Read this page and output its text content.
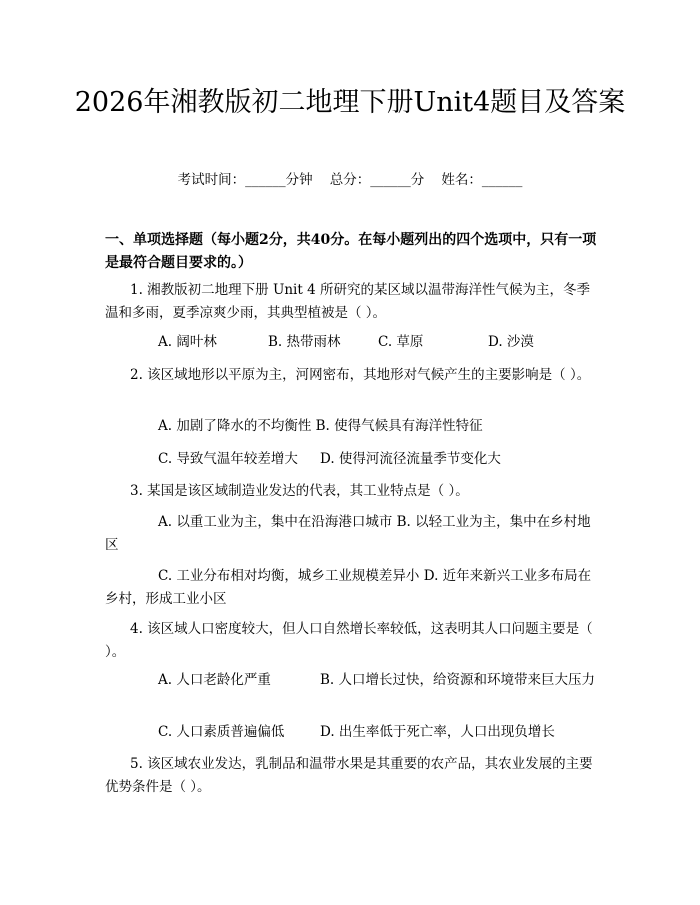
2026年湘教版初二地理下册Unit4题目及答案
考试时间：______分钟    总分：______分    姓名：______
一、单项选择题（每小题2分，共40分。在每小题列出的四个选项中，只有一项是最符合题目要求的。）
1. 湘教版初二地理下册 Unit 4 所研究的某区域以温带海洋性气候为主，冬季温和多雨，夏季凉爽少雨，其典型植被是（ ）。
A. 阔叶林	B. 热带雨林	C. 草原	D. 沙漠
2. 该区域地形以平原为主，河网密布，其地形对气候产生的主要影响是（ ）。
A. 加剧了降水的不均衡性 B. 使得气候具有海洋性特征
C. 导致气温年较差增大 D. 使得河流径流量季节变化大
3. 某国是该区域制造业发达的代表，其工业特点是（ ）。
A. 以重工业为主，集中在沿海港口城市 B. 以轻工业为主，集中在乡村地区
C. 工业分布相对均衡，城乡工业规模差异小 D. 近年来新兴工业多布局在乡村，形成工业小区
4. 该区域人口密度较大，但人口自然增长率较低，这表明其人口问题主要是（ ）。
A. 人口老龄化严重	B. 人口增长过快，给资源和环境带来巨大压力
C. 人口素质普遍偏低	D. 出生率低于死亡率，人口出现负增长
5. 该区域农业发达，乳制品和温带水果是其重要的农产品，其农业发展的主要优势条件是（ ）。
